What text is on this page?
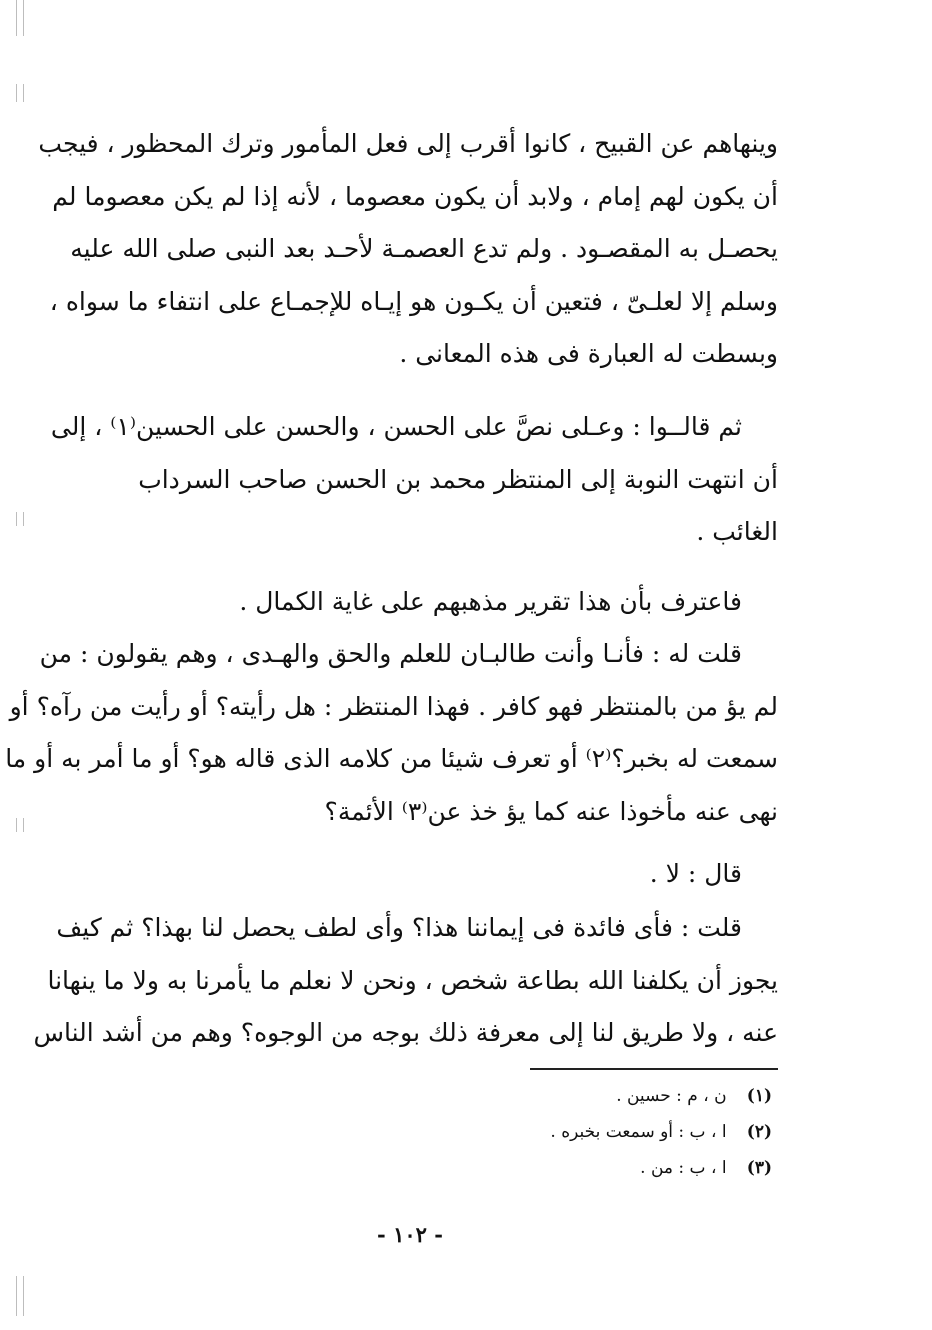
وينهاهم عن القبيح ، كانوا أقرب إلى فعل المأمور وترك المحظور ، فيجب
أن يكون لهم إمام ، ولابد أن يكون معصوما ، لأنه إذا لم يكن معصوما لم
يحصـل به المقصـود . ولم تدع العصمـة لأحـد بعد النبى صلى الله عليه
وسلم إلا لعلـىّ ، فتعين أن يكـون هو إيـاه للإجمـاع على انتفاء ما سواه ،
وبسطت له العبارة فى هذه المعانى .
ثم قالــوا : وعـلى نصَّ على الحسن ، والحسن على الحسين⁽١⁾ ، إلى
أن انتهت النوبة إلى المنتظر محمد بن الحسن صاحب السرداب
الغائب .
فاعترف بأن هذا تقرير مذهبهم على غاية الكمال .
قلت له : فأنـا وأنت طالبـان للعلم والحق والهـدى ، وهم يقولون : من
لم يؤ من بالمنتظر فهو كافر . فهذا المنتظر : هل رأيته؟ أو رأيت من رآه؟ أو
سمعت له بخبر؟⁽٢⁾ أو تعرف شيئا من كلامه الذى قاله هو؟ أو ما أمر به أو ما
نهى عنه مأخوذا عنه كما يؤ خذ عن⁽٣⁾ الأئمة؟
قال : لا .
قلت : فأى فائدة فى إيماننا هذا؟ وأى لطف يحصل لنا بهذا؟ ثم كيف
يجوز أن يكلفنا الله بطاعة شخص ، ونحن لا نعلم ما يأمرنا به ولا ما ينهانا
عنه ، ولا طريق لنا إلى معرفة ذلك بوجه من الوجوه؟ وهم من أشد الناس
(١) ن ، م : حسين .
(٢) ا ، ب : أو سمعت بخبره .
(٣) ا ، ب : من .
- ١٠٢ -
